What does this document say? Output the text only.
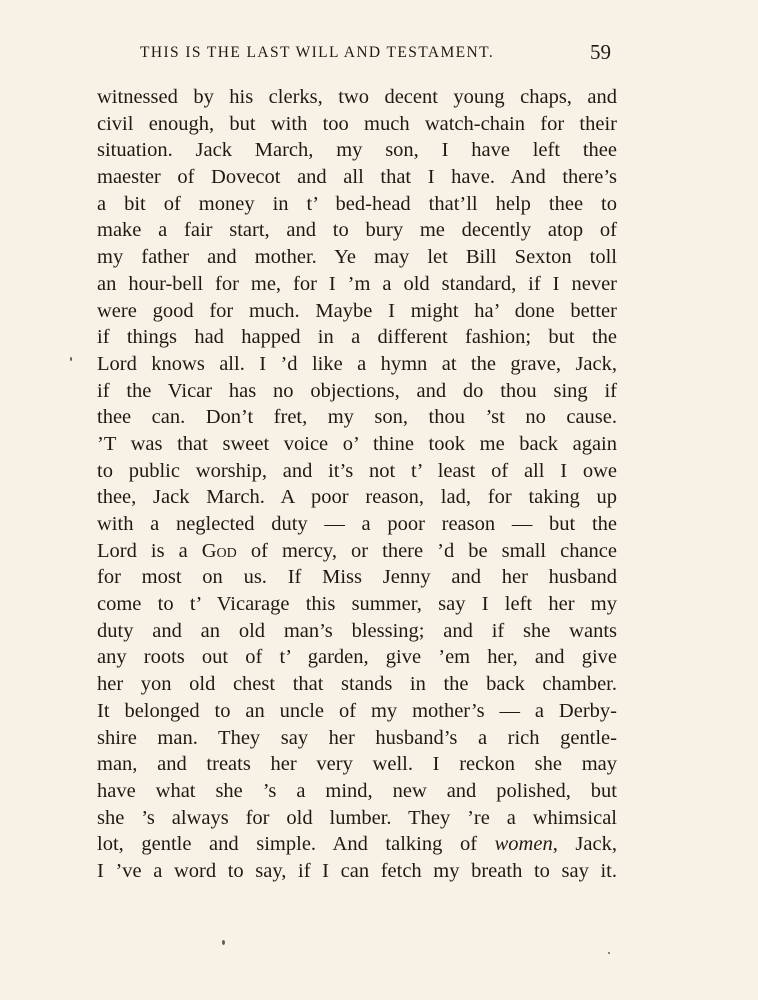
THIS IS THE LAST WILL AND TESTAMENT.	59
witnessed by his clerks, two decent young chaps, and
civil enough, but with too much watch-chain for their
situation. Jack March, my son, I have left thee
maester of Dovecot and all that I have. And there’s
a bit of money in t’ bed-head that’ll help thee to
make a fair start, and to bury me decently atop of
my father and mother. Ye may let Bill Sexton toll
an hour-bell for me, for I ’m a old standard, if I never
were good for much. Maybe I might ha’ done better
if things had happed in a different fashion; but the
Lord knows all. I ’d like a hymn at the grave, Jack,
if the Vicar has no objections, and do thou sing if
thee can. Don’t fret, my son, thou ’st no cause.
’T was that sweet voice o’ thine took me back again
to public worship, and it’s not t’ least of all I owe
thee, Jack March. A poor reason, lad, for taking up
with a neglected duty — a poor reason — but the
Lord is a God of mercy, or there ’d be small chance
for most on us. If Miss Jenny and her husband
come to t’ Vicarage this summer, say I left her my
duty and an old man’s blessing; and if she wants
any roots out of t’ garden, give ’em her, and give
her yon old chest that stands in the back chamber.
It belonged to an uncle of my mother’s — a Derby-
shire man. They say her husband’s a rich gentle-
man, and treats her very well. I reckon she may
have what she ’s a mind, new and polished, but
she ’s always for old lumber. They ’re a whimsical
lot, gentle and simple. And talking of women, Jack,
I ’ve a word to say, if I can fetch my breath to say it.
